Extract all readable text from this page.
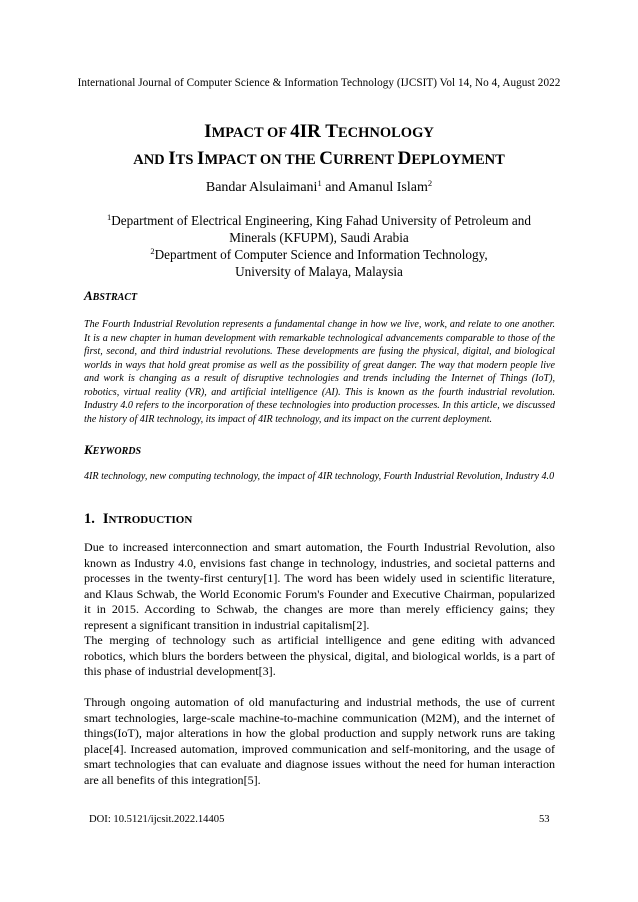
International Journal of Computer Science & Information Technology (IJCSIT) Vol 14, No 4, August 2022
IMPACT OF 4IR TECHNOLOGY
AND ITS IMPACT ON THE CURRENT DEPLOYMENT
Bandar Alsulaimani$^1$ and Amanul Islam$^2$
$^1$Department of Electrical Engineering, King Fahad University of Petroleum and
Minerals (KFUPM), Saudi Arabia
$^2$Department of Computer Science and Information Technology,
University of Malaya, Malaysia
ABSTRACT
The Fourth Industrial Revolution represents a fundamental change in how we live, work, and relate to one another. It is a new chapter in human development with remarkable technological advancements comparable to those of the first, second, and third industrial revolutions. These developments are fusing the physical, digital, and biological worlds in ways that hold great promise as well as the possibility of great danger. The way that modern people live and work is changing as a result of disruptive technologies and trends including the Internet of Things (IoT), robotics, virtual reality (VR), and artificial intelligence (AI). This is known as the fourth industrial revolution. Industry 4.0 refers to the incorporation of these technologies into production processes. In this article, we discussed the history of 4IR technology, its impact of 4IR technology, and its impact on the current deployment.
KEYWORDS
4IR technology, new computing technology, the impact of 4IR technology, Fourth Industrial Revolution, Industry 4.0
1. INTRODUCTION
Due to increased interconnection and smart automation, the Fourth Industrial Revolution, also known as Industry 4.0, envisions fast change in technology, industries, and societal patterns and processes in the twenty-first century[1]. The word has been widely used in scientific literature, and Klaus Schwab, the World Economic Forum's Founder and Executive Chairman, popularized it in 2015. According to Schwab, the changes are more than merely efficiency gains; they represent a significant transition in industrial capitalism[2].
The merging of technology such as artificial intelligence and gene editing with advanced robotics, which blurs the borders between the physical, digital, and biological worlds, is a part of this phase of industrial development[3].
Through ongoing automation of old manufacturing and industrial methods, the use of current smart technologies, large-scale machine-to-machine communication (M2M), and the internet of things(IoT), major alterations in how the global production and supply network runs are taking place[4]. Increased automation, improved communication and self-monitoring, and the usage of smart technologies that can evaluate and diagnose issues without the need for human interaction are all benefits of this integration[5].
DOI: 10.5121/ijcsit.2022.14405	53
